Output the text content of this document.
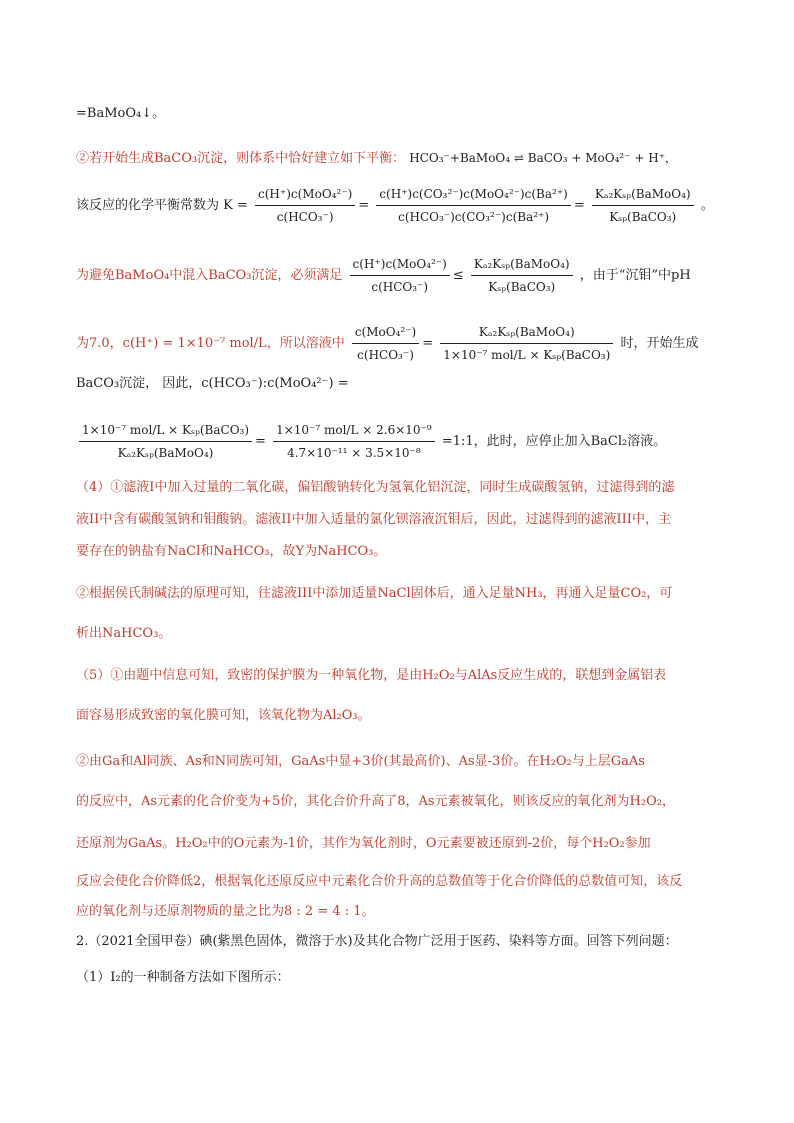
=BaMoO₄↓。
②若开始生成BaCO₃沉淀，则体系中恰好建立如下平衡： HCO₃⁻+BaMoO₄ ⇌ BaCO₃ + MoO₄²⁻ + H⁺，
该反应的化学平衡常数为 $K = \frac{\text{c(H⁺)c(MoO₄²⁻)}}{\text{c(HCO₃⁻)}} = \frac{\text{c(H⁺)c(CO₃²⁻)c(MoO₄²⁻)c(Ba²⁺)}}{\text{c(HCO₃⁻)c(CO₃²⁻)c(Ba²⁺)}} = \frac{\text{Kₐ₂Kₛₚ(BaMoO₄)}}{\text{Kₛₚ(BaCO₃)}}$ 。
为避免BaMoO₄中混入BaCO₃沉淀，必须满足 $\frac{\text{c(H⁺)c(MoO₄²⁻)}}{\text{c(HCO₃⁻)}} \le \frac{\text{Kₐ₂Kₛₚ(BaMoO₄)}}{\text{Kₛₚ(BaCO₃)}}$ ，由于“沉钼”中pH
为7.0，c(H⁺) = 1×10⁻⁷ mol/L，所以溶液中 $\frac{\text{c(MoO₄²⁻)}}{\text{c(HCO₃⁻)}} = \frac{\text{Kₐ₂Kₛₚ(BaMoO₄)}}{\text{1×10⁻⁷ mol/L × Kₛₚ(BaCO₃)}}$ 时，开始生成
BaCO₃沉淀， 因此，c(HCO₃⁻):c(MoO₄²⁻) =
$\frac{\text{1×10⁻⁷ mol/L × Kₛₚ(BaCO₃)}}{\text{Kₐ₂Kₛₚ(BaMoO₄)}} = \frac{\text{1×10⁻⁷ mol/L × 2.6×10⁻⁹}}{\text{4.7×10⁻¹¹ × 3.5×10⁻⁸}}$ =1:1，此时，应停止加入BaCl₂溶液。
（4）①滤液I中加入过量的二氧化碳，偏铝酸钠转化为氢氧化铝沉淀，同时生成碳酸氢钠，过滤得到的滤
液II中含有碳酸氢钠和钼酸钠。滤液II中加入适量的氯化钡溶液沉钼后，因此，过滤得到的滤液III中，主
要存在的钠盐有NaCl和NaHCO₃，故Y为NaHCO₃。
②根据侯氏制碱法的原理可知，往滤液III中添加适量NaCl固体后，通入足量NH₃，再通入足量CO₂，可
析出NaHCO₃。
（5）①由题中信息可知，致密的保护膜为一种氧化物，是由H₂O₂与AlAs反应生成的，联想到金属铝表
面容易形成致密的氧化膜可知，该氧化物为Al₂O₃。
②由Ga和Al同族、As和N同族可知，GaAs中显+3价(其最高价)、As显-3价。在H₂O₂与上层GaAs
的反应中，As元素的化合价变为+5价，其化合价升高了8，As元素被氧化，则该反应的氧化剂为H₂O₂，
还原剂为GaAs。H₂O₂中的O元素为-1价，其作为氧化剂时，O元素要被还原到-2价，每个H₂O₂参加
反应会使化合价降低2，根据氧化还原反应中元素化合价升高的总数值等于化合价降低的总数值可知，该反
应的氧化剂与还原剂物质的量之比为8 : 2 = 4 : 1。
2.（2021全国甲卷）碘(紫黑色固体，微溶于水)及其化合物广泛用于医药、染料等方面。回答下列问题：
（1）I₂的一种制备方法如下图所示：
